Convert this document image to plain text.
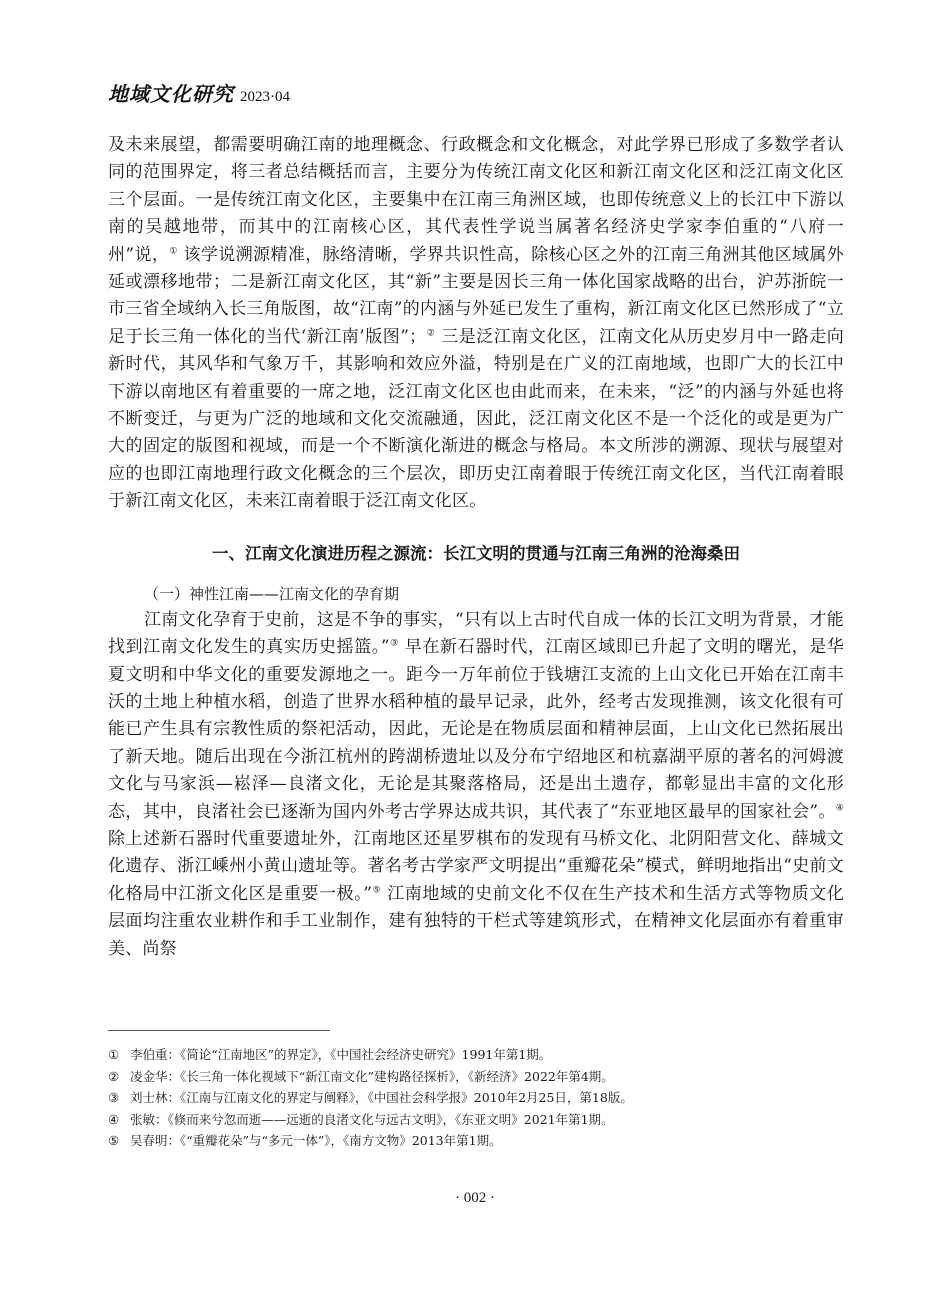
地域文化研究 2023·04

及未来展望，都需要明确江南的地理概念、行政概念和文化概念，对此学界已形成了多数学者认同的范围界定，将三者总结概括而言，主要分为传统江南文化区和新江南文化区和泛江南文化区三个层面。一是传统江南文化区，主要集中在江南三角洲区域，也即传统意义上的长江中下游以南的吴越地带，而其中的江南核心区，其代表性学说当属著名经济史学家李伯重的“八府一州”说，① 该学说溯源精准，脉络清晰，学界共识性高，除核心区之外的江南三角洲其他区域属外延或漂移地带；二是新江南文化区，其“新”主要是因长三角一体化国家战略的出台，沪苏浙皖一市三省全域纳入长三角版图，故“江南”的内涵与外延已发生了重构，新江南文化区已然形成了“立足于长三角一体化的当代‘新江南’版图”；② 三是泛江南文化区，江南文化从历史岁月中一路走向新时代，其风华和气象万千，其影响和效应外溢，特别是在广义的江南地域，也即广大的长江中下游以南地区有着重要的一席之地，泛江南文化区也由此而来，在未来，“泛”的内涵与外延也将不断变迁，与更为广泛的地域和文化交流融通，因此，泛江南文化区不是一个泛化的或是更为广大的固定的版图和视域，而是一个不断演化渐进的概念与格局。本文所涉的溯源、现状与展望对应的也即江南地理行政文化概念的三个层次，即历史江南着眼于传统江南文化区，当代江南着眼于新江南文化区，未来江南着眼于泛江南文化区。

一、江南文化演进历程之源流：长江文明的贯通与江南三角洲的沧海桑田

（一）神性江南——江南文化的孕育期

江南文化孕育于史前，这是不争的事实，“只有以上古时代自成一体的长江文明为背景，才能找到江南文化发生的真实历史摇篮。”③ 早在新石器时代，江南区域即已升起了文明的曙光，是华夏文明和中华文化的重要发源地之一。距今一万年前位于钱塘江支流的上山文化已开始在江南丰沃的土地上种植水稻，创造了世界水稻种植的最早记录，此外，经考古发现推测，该文化很有可能已产生具有宗教性质的祭祀活动，因此，无论是在物质层面和精神层面，上山文化已然拓展出了新天地。随后出现在今浙江杭州的跨湖桥遗址以及分布宁绍地区和杭嘉湖平原的著名的河姆渡文化与马家浜—崧泽—良渚文化，无论是其聚落格局，还是出土遗存，都彰显出丰富的文化形态，其中，良渚社会已逐渐为国内外考古学界达成共识，其代表了“东亚地区最早的国家社会”。④ 除上述新石器时代重要遗址外，江南地区还星罗棋布的发现有马桥文化、北阴阳营文化、薛城文化遗存、浙江嵊州小黄山遗址等。著名考古学家严文明提出“重瓣花朵”模式，鲜明地指出“史前文化格局中江浙文化区是重要一极。”⑤ 江南地域的史前文化不仅在生产技术和生活方式等物质文化层面均注重农业耕作和手工业制作，建有独特的干栏式等建筑形式，在精神文化层面亦有着重审美、尚祭

① 李伯重：《简论“江南地区”的界定》，《中国社会经济史研究》1991年第1期。
② 凌金华：《长三角一体化视域下“新江南文化”建构路径探析》，《新经济》2022年第4期。
③ 刘士林：《江南与江南文化的界定与阐释》，《中国社会科学报》2010年2月25日，第18版。
④ 张敏：《倏而来兮忽而逝——远逝的良渚文化与远古文明》，《东亚文明》2021年第1期。
⑤ 吴春明：《“重瓣花朵”与“多元一体”》，《南方文物》2013年第1期。
· 002 ·
